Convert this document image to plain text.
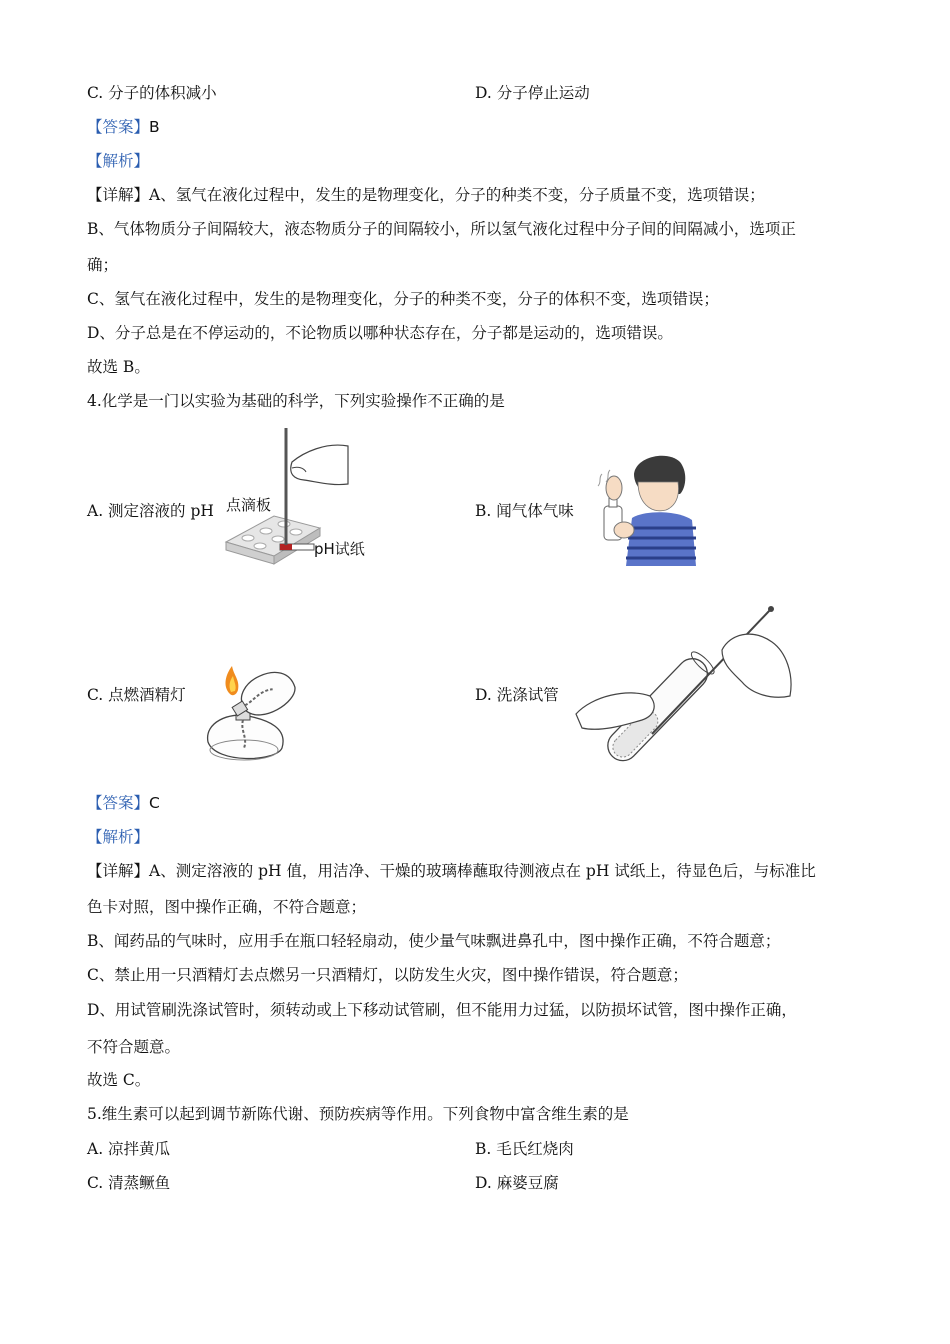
C. 分子的体积减小	D. 分子停止运动
【答案】B
【解析】
【详解】A、氢气在液化过程中，发生的是物理变化，分子的种类不变，分子质量不变，选项错误；
B、气体物质分子间隔较大，液态物质分子的间隔较小，所以氢气液化过程中分子间的间隔减小，选项正
确；
C、氢气在液化过程中，发生的是物理变化，分子的种类不变，分子的体积不变，选项错误；
D、分子总是在不停运动的，不论物质以哪种状态存在，分子都是运动的，选项错误。
故选 B。
4.化学是一门以实验为基础的科学，下列实验操作不正确的是
A. 测定溶液的 pH 点滴板
pH试纸
B. 闻气体气味
C. 点燃酒精灯	D. 洗涤试管
【答案】C
【解析】
【详解】A、测定溶液的 pH 值，用洁净、干燥的玻璃棒蘸取待测液点在 pH 试纸上，待显色后，与标准比
色卡对照，图中操作正确，不符合题意；
B、闻药品的气味时，应用手在瓶口轻轻扇动，使少量气味飘进鼻孔中，图中操作正确，不符合题意；
C、禁止用一只酒精灯去点燃另一只酒精灯，以防发生火灾，图中操作错误，符合题意；
D、用试管刷洗涤试管时，须转动或上下移动试管刷，但不能用力过猛，以防损坏试管，图中操作正确，
不符合题意。
故选 C。
5.维生素可以起到调节新陈代谢、预防疾病等作用。下列食物中富含维生素的是
A. 凉拌黄瓜	B. 毛氏红烧肉
C. 清蒸鳜鱼	D. 麻婆豆腐
